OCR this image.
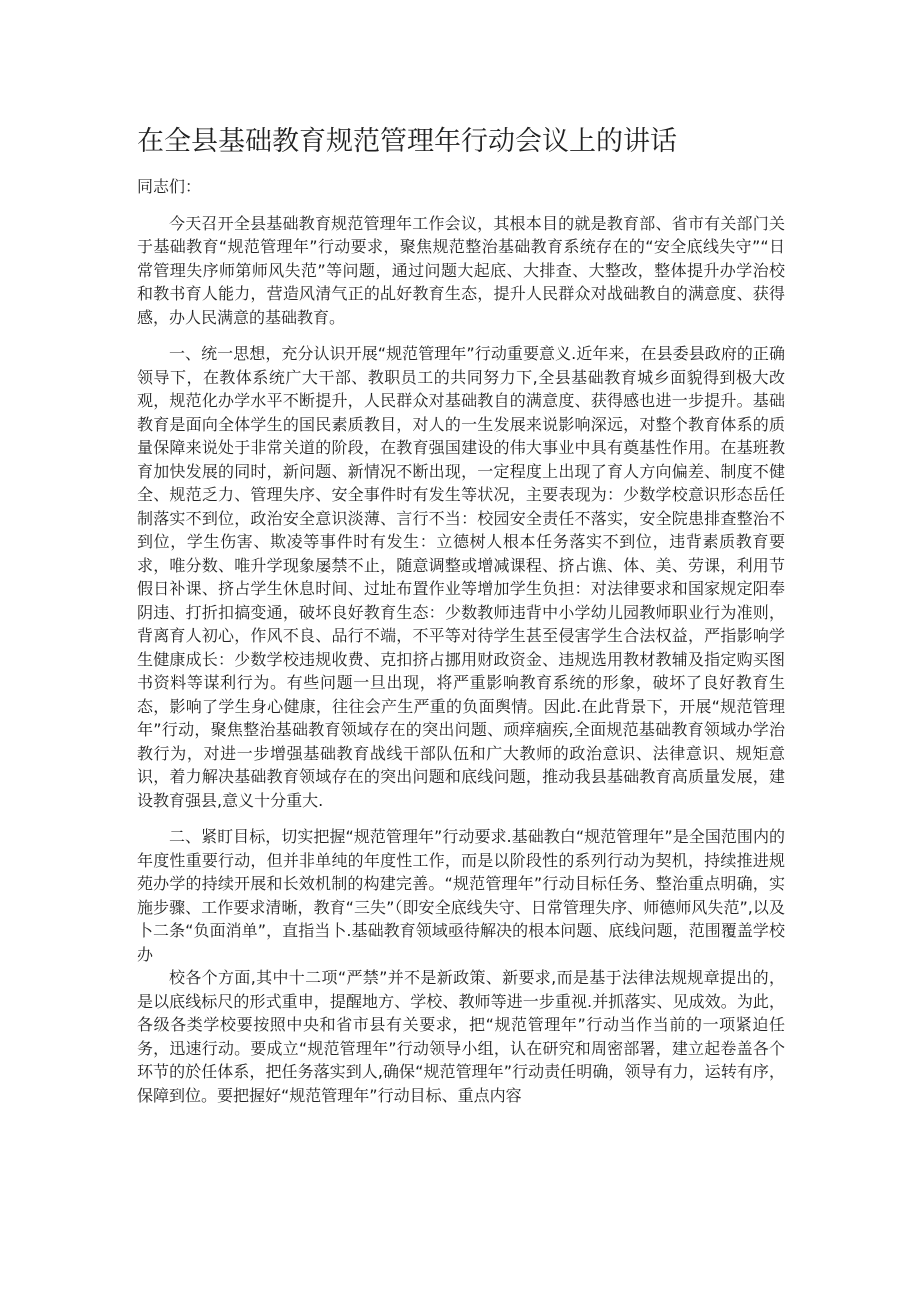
在全县基础教育规范管理年行动会议上的讲话

同志们：

今天召开全县基础教育规范管理年工作会议，其根本目的就是教育部、省市有关部门关于基础教育“规范管理年”行动要求，聚焦规范整治基础教育系统存在的“安全底线失守”“日常管理失序师第师风失范”等问题，通过问题大起底、大排查、大整改，整体提升办学治校和教书育人能力，营造风清气正的乩好教育生态，提升人民群众对战础教自的满意度、获得感，办人民满意的基础教育。

一、统一思想，充分认识开展“规范管理年”行动重要意义.近年来，在县委县政府的正确领导下，在教体系统广大干部、教职员工的共同努力下,全县基础教育城乡面貌得到极大改观，规范化办学水平不断提升，人民群众对基础教自的满意度、获得感也进一步提升。基础教育是面向全体学生的国民素质教目，对人的一生发展来说影响深远，对整个教育体系的质量保障来说处于非常关道的阶段，在教育强国建设的伟大事业中具有奠基性作用。在基班教育加快发展的同时，新问题、新情况不断出现，一定程度上出现了育人方向偏差、制度不健全、规范乏力、管理失序、安全事件时有发生等状况，主要表现为：少数学校意识形态岳任制落实不到位，政治安全意识淡薄、言行不当：校园安全责任不落实，安全院患排查整治不到位，学生伤害、欺凌等事件时有发生：立德树人根本任务落实不到位，违背素质教育要求，唯分数、唯升学现象屡禁不止，随意调整或增减课程、挤占谯、体、美、劳课，利用节假日补课、挤占学生休息时间、过址布置作业等增加学生负担：对法律要求和国家规定阳奉阴违、打折扣搞变通，破坏良好教育生态：少数教师违背中小学幼儿园教师职业行为准则，背离育人初心，作风不良、品行不端，不平等对待学生甚至侵害学生合法权益，严指影响学生健康成长：少数学校违规收费、克扣挤占挪用财政资金、违规选用教材教辅及指定购买图书资料等谋利行为。有些问题一旦出现，将严重影响教育系统的形象，破坏了良好教育生态，影响了学生身心健康，往往会产生严重的负面舆情。因此.在此背景下，开展“规范管理年”行动，聚焦整治基础教育领域存在的突出问题、顽痒痼疾,全面规范基础教育领域办学治教行为，对进一步增强基础教育战线干部队伍和广大教师的政治意识、法律意识、规矩意识，着力解决基础教育领域存在的突出问题和底线问题，推动我县基础教育高质量发展，建设教育强县,意义十分重大.

二、紧盯目标，切实把握“规范管理年”行动要求.基础教白“规范管理年”是全国范围内的年度性重要行动，但并非单纯的年度性工作，而是以阶段性的系列行动为契机，持续推进规苑办学的持续开展和长效机制的构建完善。“规范管理年”行动目标任务、整治重点明确，实施步骤、工作要求清晰，教育“三失”（即安全底线失守、日常管理失序、师德师风失范”,以及卜二条“负面消单”，直指当卜.基础教育领域亟待解决的根本问题、底线问题，范围覆盖学校办

校各个方面,其中十二项“严禁”并不是新政策、新要求,而是基于法律法规规章提出的，是以底线标尺的形式重申，提醒地方、学校、教师等进一步重视.并抓落实、见成效。为此，各级各类学校要按照中央和省市县有关要求，把“规范管理年”行动当作当前的一项紧迫任务，迅速行动。要成立“规范管理年”行动领导小组，认在研究和周密部署，建立起卷盖各个环节的於任体系，把任务落实到人,确保“规范管理年”行动责任明确，领导有力，运转有序，保障到位。要把握好“规范管理年”行动目标、重点内容
